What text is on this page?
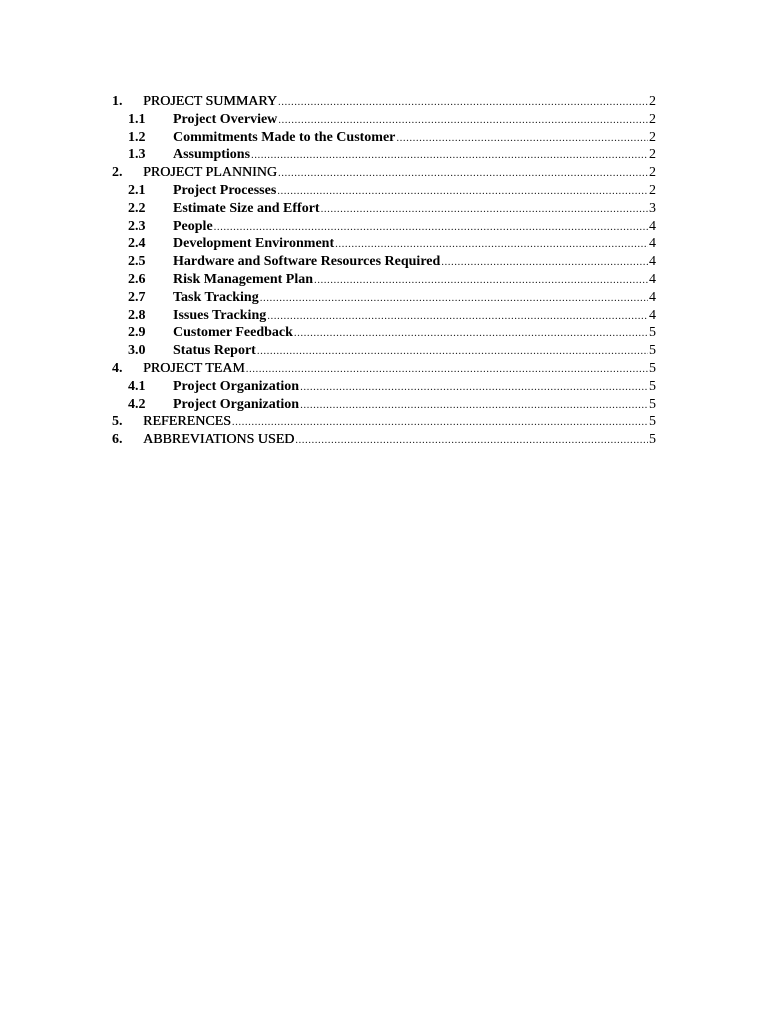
1.	PROJECT SUMMARY .....	2
1.1	Project Overview .....	2
1.2	Commitments Made to the Customer .....	2
1.3	Assumptions .....	2
2.	PROJECT PLANNING .....	2
2.1	Project Processes .....	2
2.2	Estimate Size and Effort .....	3
2.3	People .....	4
2.4	Development Environment .....	4
2.5	Hardware and Software Resources Required .....	4
2.6	Risk Management Plan .....	4
2.7	Task Tracking .....	4
2.8	Issues Tracking .....	4
2.9	Customer Feedback .....	5
3.0	Status Report .....	5
4.	PROJECT TEAM .....	5
4.1	Project Organization .....	5
4.2	Project Organization .....	5
5.	REFERENCES .....	5
6.	ABBREVIATIONS USED .....	5
